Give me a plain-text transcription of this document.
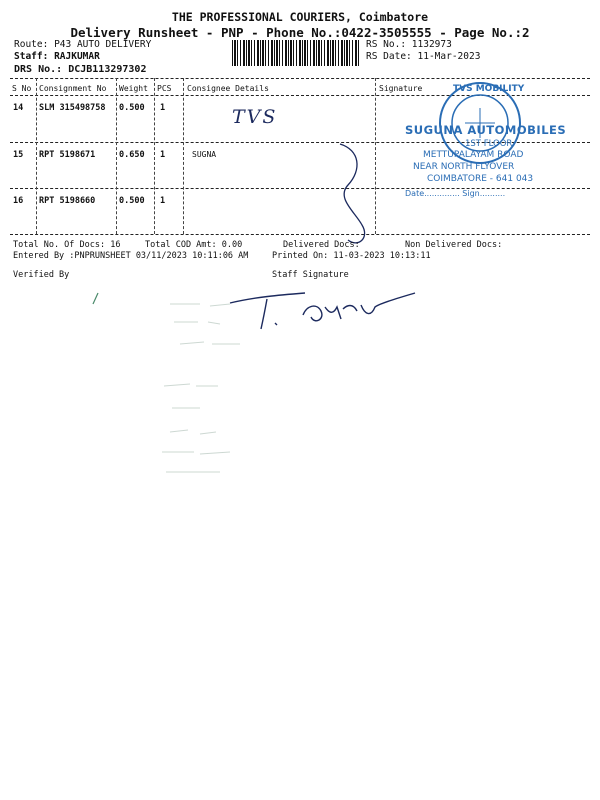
THE PROFESSIONAL COURIERS, Coimbatore
Delivery Runsheet - PNP - Phone No.:0422-3505555 - Page No.:2
Route: P43 AUTO DELIVERY
Staff: RAJKUMAR
DRS No.: DCJB113297302
RS No.: 1132973
RS Date: 11-Mar-2023
S No Consignment No Weight PCS Consignee Details	Signature
14 SLM 315498758 0.500 1
15 RPT 5198671	0.650 1	SUGNA
16 RPT 5198660	0.500 1
TVS
TVS MOBILITY
SUGUNA AUTOMOBILES
1ST FLOOR
METTUPALAYAM ROAD
NEAR NORTH FLYOVER
COIMBATORE - 641 043
Date.............. Sign..........
Total No. Of Docs: 16	Total COD Amt: 0.00	Delivered Docs:	Non Delivered Docs:
Entered By :PNPRUNSHEET 03/11/2023 10:11:06 AM	Printed On: 11-03-2023 10:13:11
Verified By	Staff Signature
